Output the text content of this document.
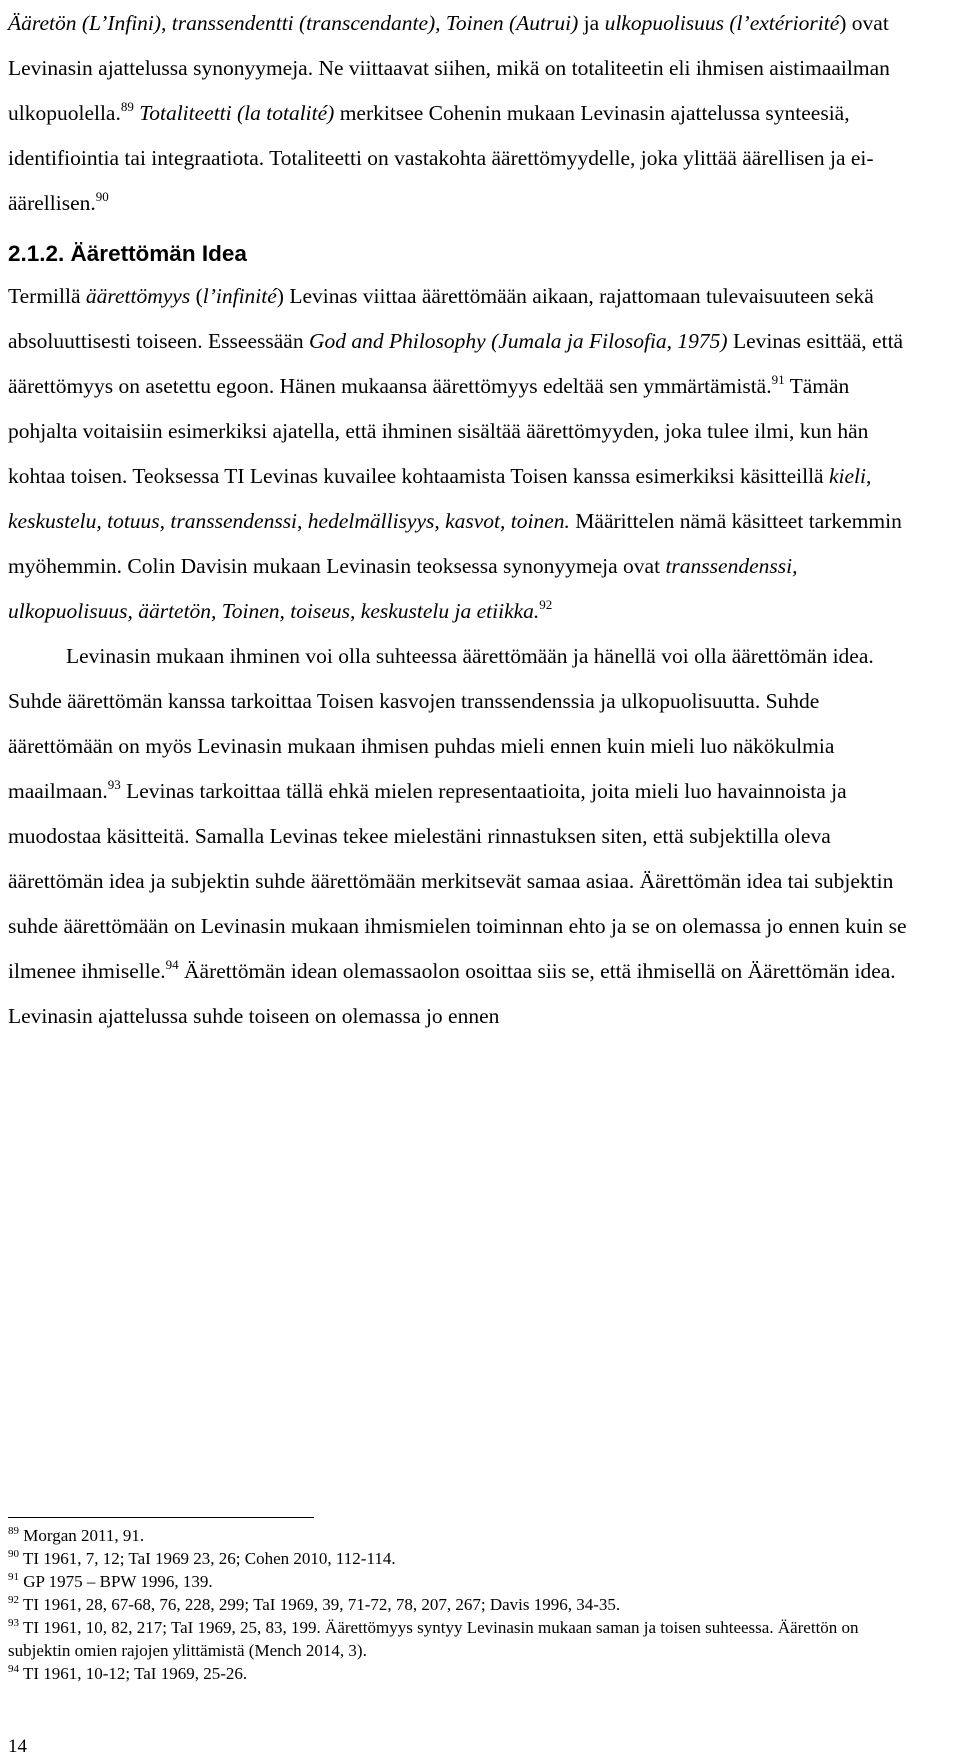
Ääretön (L’Infini), transsendentti (transcendante), Toinen (Autrui) ja ulkopuolisuus (l’extériorité) ovat Levinasin ajattelussa synonyymeja. Ne viittaavat siihen, mikä on totaliteetin eli ihmisen aistimaailman ulkopuolella.$^{89}$ Totaliteetti (la totalité) merkitsee Cohenin mukaan Levinasin ajattelussa synteesiä, identifiointia tai integraatiota. Totaliteetti on vastakohta äärettömyydelle, joka ylittää äärellisen ja ei-äärellisen.$^{90}$

2.1.2. Äärettömän Idea

Termillä äärettömyys (l’infinité) Levinas viittaa äärettömään aikaan, rajattomaan tulevaisuuteen sekä absoluuttisesti toiseen. Esseessään God and Philosophy (Jumala ja Filosofia, 1975) Levinas esittää, että äärettömyys on asetettu egoon. Hänen mukaansa äärettömyys edeltää sen ymmärtämistä.$^{91}$ Tämän pohjalta voitaisiin esimerkiksi ajatella, että ihminen sisältää äärettömyyden, joka tulee ilmi, kun hän kohtaa toisen. Teoksessa TI Levinas kuvailee kohtaamista Toisen kanssa esimerkiksi käsitteillä kieli, keskustelu, totuus, transsendenssi, hedelmällisyys, kasvot, toinen. Määrittelen nämä käsitteet tarkemmin myöhemmin. Colin Davisin mukaan Levinasin teoksessa synonyymeja ovat transsendenssi, ulkopuolisuus, äärtetön, Toinen, toiseus, keskustelu ja etiikka.$^{92}$

Levinasin mukaan ihminen voi olla suhteessa äärettömään ja hänellä voi olla äärettömän idea. Suhde äärettömän kanssa tarkoittaa Toisen kasvojen transsendenssia ja ulkopuolisuutta. Suhde äärettömään on myös Levinasin mukaan ihmisen puhdas mieli ennen kuin mieli luo näkökulmia maailmaan.$^{93}$ Levinas tarkoittaa tällä ehkä mielen representaatioita, joita mieli luo havainnoista ja muodostaa käsitteitä. Samalla Levinas tekee mielestäni rinnastuksen siten, että subjektilla oleva äärettömän idea ja subjektin suhde äärettömään merkitsevät samaa asiaa. Äärettömän idea tai subjektin suhde äärettömään on Levinasin mukaan ihmismielen toiminnan ehto ja se on olemassa jo ennen kuin se ilmenee ihmiselle.$^{94}$ Äärettömän idean olemassaolon osoittaa siis se, että ihmisellä on Äärettömän idea. Levinasin ajattelussa suhde toiseen on olemassa jo ennen

$^{89}$ Morgan 2011, 91.

$^{90}$ TI 1961, 7, 12; TaI 1969 23, 26; Cohen 2010, 112-114.

$^{91}$ GP 1975 – BPW 1996, 139.

$^{92}$ TI 1961, 28, 67-68, 76, 228, 299; TaI 1969, 39, 71-72, 78, 207, 267; Davis 1996, 34-35.

$^{93}$ TI 1961, 10, 82, 217; TaI 1969, 25, 83, 199. Äärettömyys syntyy Levinasin mukaan saman ja toisen suhteessa. Äärettön on subjektin omien rajojen ylittämistä (Mench 2014, 3).

$^{94}$ TI 1961, 10-12; TaI 1969, 25-26.

14
